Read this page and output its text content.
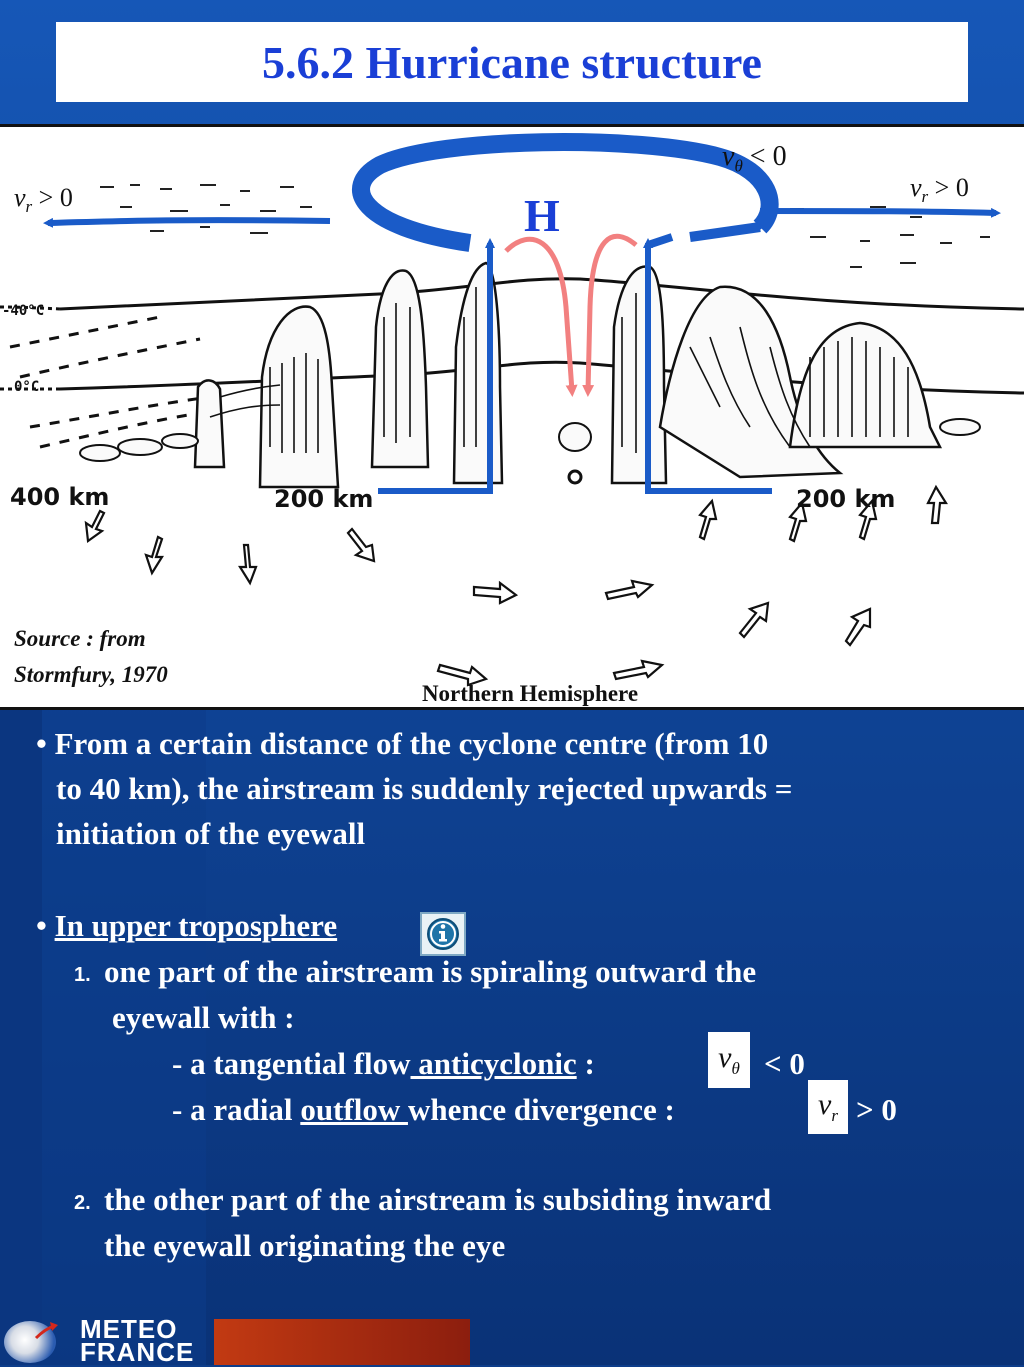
5.6.2 Hurricane structure
H
$v_\theta < 0$
$v_r > 0$	$v_r > 0$
-40°C
0°C
400 km	200 km	200 km
Source : from
Stormfury, 1970
Northern Hemisphere
• From a certain distance of the cyclone centre (from 10
to 40 km), the airstream is suddenly rejected upwards =
initiation of the eyewall
• In upper troposphere
1. one part of the airstream is spiraling outward the
eyewall with :
- a tangential flow anticyclonic :	$v_\theta < 0$
- a radial outflow whence divergence :	$v_r > 0$
2. the other part of the airstream is subsiding inward
the eyewall originating the eye
METEO
FRANCE
